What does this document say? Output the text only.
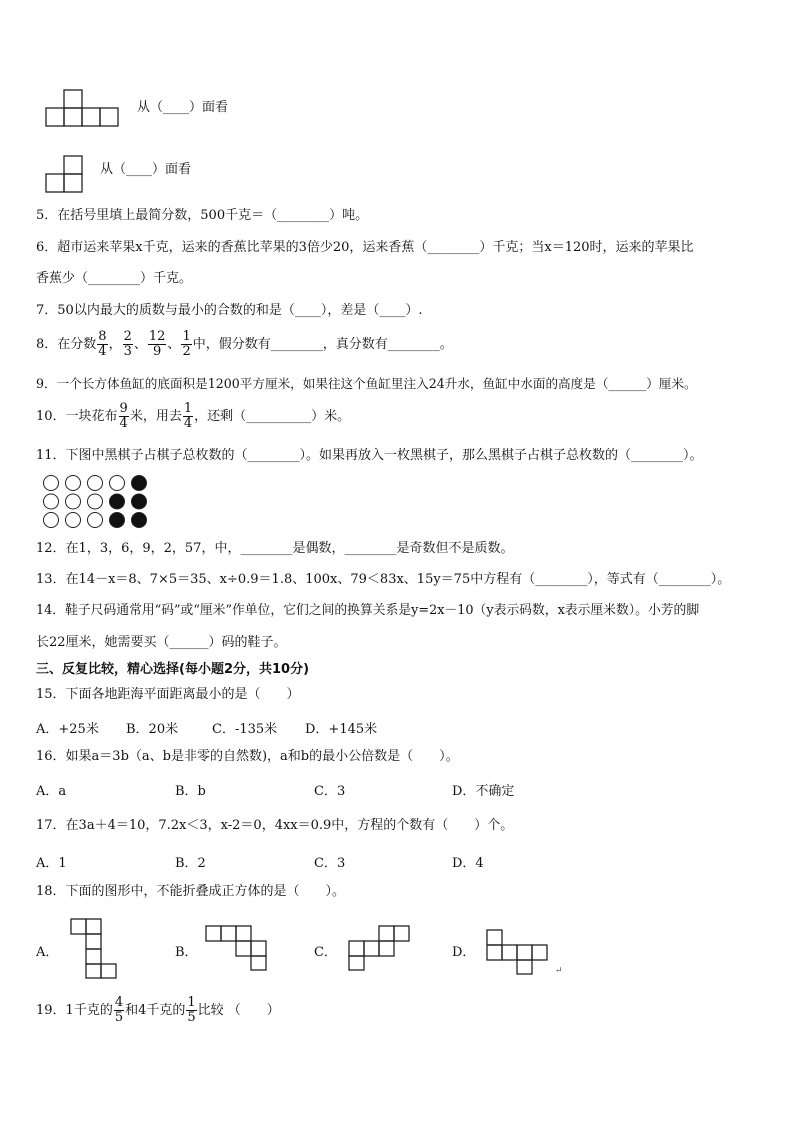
从（____）面看
从（____）面看
5．在括号里填上最简分数，500千克＝（________）吨。
6．超市运来苹果x千克，运来的香蕉比苹果的3倍少20，运来香蕉（________）千克；当x＝120时，运来的苹果比
香蕉少（________）千克。
7．50以内最大的质数与最小的合数的和是（____），差是（____）.
8．在分数 $\frac{8}{4}$ ， $\frac{2}{3}$ 、 $\frac{12}{9}$ 、 $\frac{1}{2}$ 中，假分数有________，真分数有________。
9．一个长方体鱼缸的底面积是1200平方厘米，如果往这个鱼缸里注入24升水，鱼缸中水面的高度是（______）厘米。
10．一块花布 $\frac{9}{4}$ 米，用去 $\frac{1}{4}$ ，还剩（__________）米。
11．下图中黑棋子占棋子总枚数的（________）。如果再放入一枚黑棋子，那么黑棋子占棋子总枚数的（________）。
12．在1，3，6，9，2，57，中，________是偶数，________是奇数但不是质数。
13．在14－x＝8、7×5＝35、x÷0.9＝1.8、100x、79＜83x、15y＝75中方程有（________），等式有（________）。
14．鞋子尺码通常用“码”或“厘米”作单位，它们之间的换算关系是y=2x－10（y表示码数，x表示厘米数）。小芳的脚
长22厘米，她需要买（______）码的鞋子。
三、反复比较，精心选择(每小题2分，共10分)
15．下面各地距海平面距离最小的是（　　）
A．+25米 B．20米	C．-135米 D．+145米
16．如果a＝3b（a、b是非零的自然数)，a和b的最小公倍数是（　　）。
A．a	B．b	C．3	D．不确定
17．在3a＋4＝10，7.2x＜3，x-2＝0，4xx＝0.9中，方程的个数有（　　）个。
A．1	B．2	C．3	D．4
18．下面的图形中，不能折叠成正方体的是（　　）。
A．	B．	C．	D．
↵
19．1千克的 $\frac{4}{5}$ 和4千克的 $\frac{1}{5}$ 比较 （　　）
